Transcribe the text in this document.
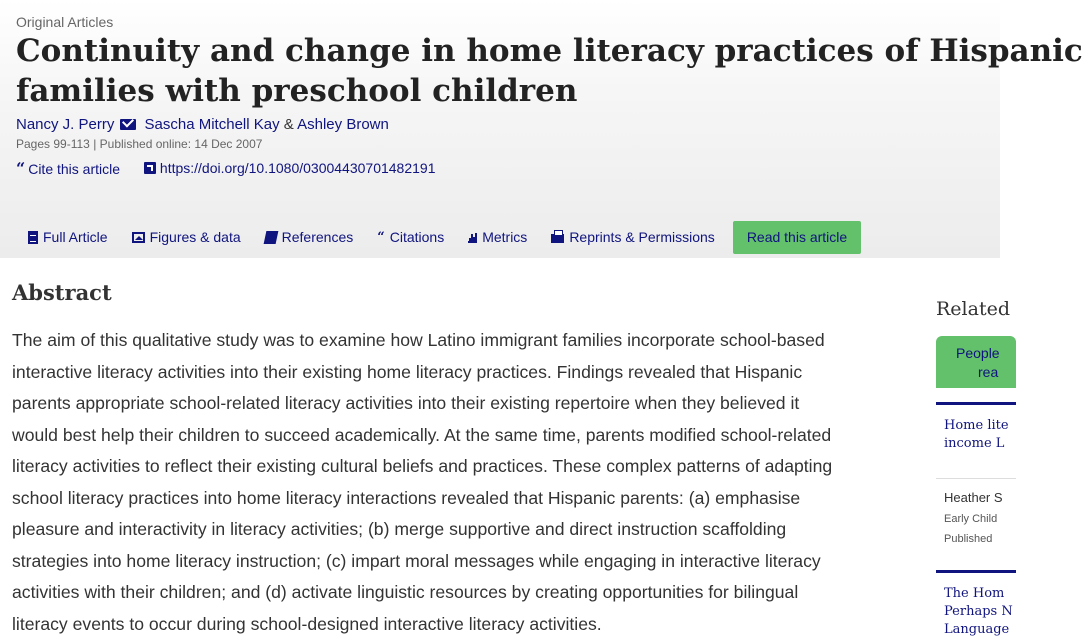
Original Articles
Continuity and change in home literacy practices of Hispanic
families with preschool children
Nancy J. Perry Sascha Mitchell Kay & Ashley Brown
Pages 99-113 | Published online: 14 Dec 2007
“ Cite this article
	https://doi.org/10.1080/03004430701482191
Full Article	Figures & data	References “ Citations	Metrics	Reprints & Permissions	Read this article
Abstract
The aim of this qualitative study was to examine how Latino immigrant families incorporate school-based
interactive literacy activities into their existing home literacy practices. Findings revealed that Hispanic
parents appropriate school-related literacy activities into their existing repertoire when they believed it
would best help their children to succeed academically. At the same time, parents modified school-related
literacy activities to reflect their existing cultural beliefs and practices. These complex patterns of adapting
school literacy practices into home literacy interactions revealed that Hispanic parents: (a) emphasise
pleasure and interactivity in literacy activities; (b) merge supportive and direct instruction scaffolding
strategies into home literacy instruction; (c) impart moral messages while engaging in interactive literacy
activities with their children; and (d) activate linguistic resources by creating opportunities for bilingual
literacy events to occur during school-designed interactive literacy activities.
Related
People
rea
Home lite
income L
Heather S
Early Child
Published
The Hom
Perhaps N
Language
